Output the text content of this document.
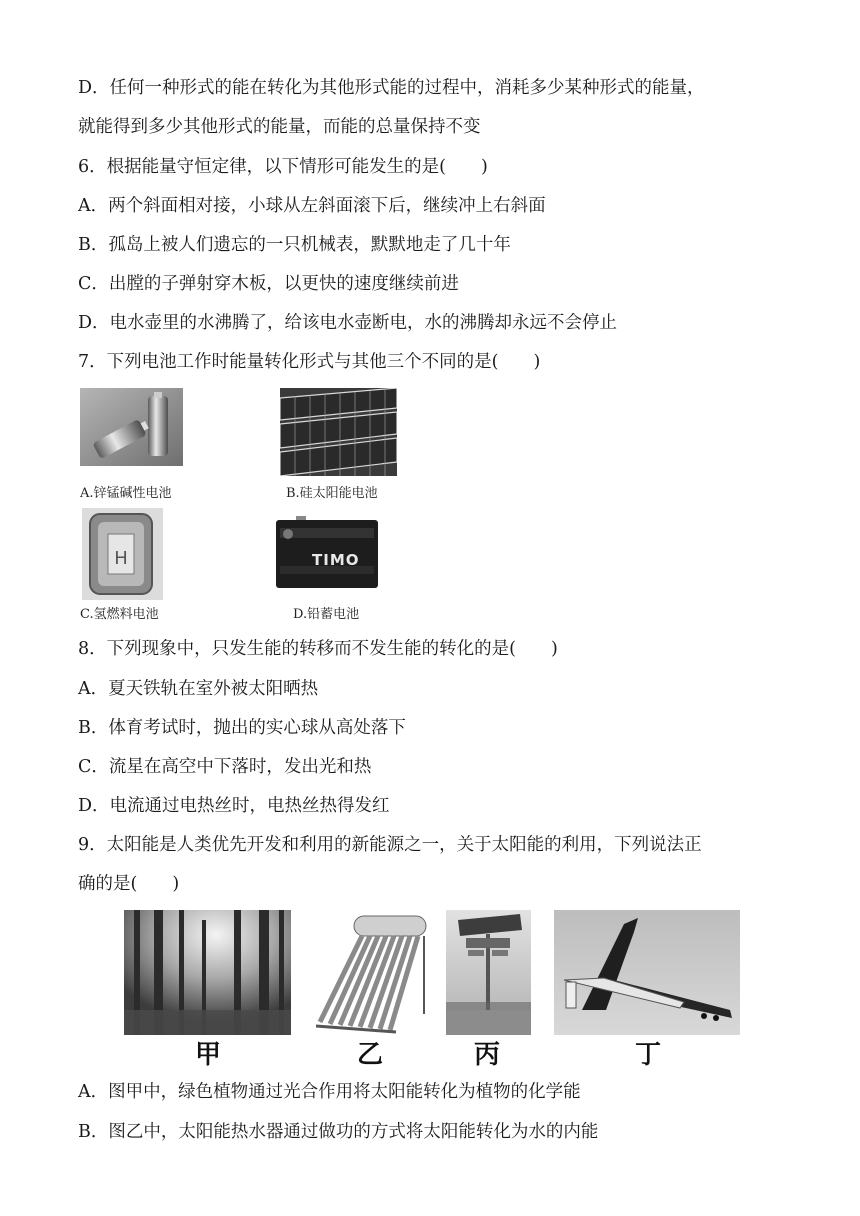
D．任何一种形式的能在转化为其他形式能的过程中，消耗多少某种形式的能量，
就能得到多少其他形式的能量，而能的总量保持不变
6．根据能量守恒定律，以下情形可能发生的是(　　)
A．两个斜面相对接，小球从左斜面滚下后，继续冲上右斜面
B．孤岛上被人们遗忘的一只机械表，默默地走了几十年
C．出膛的子弹射穿木板，以更快的速度继续前进
D．电水壶里的水沸腾了，给该电水壶断电，水的沸腾却永远不会停止
7．下列电池工作时能量转化形式与其他三个不同的是(　　)
A.锌锰碱性电池	B.硅太阳能电池
H
C.氢燃料电池
TIMO
D.铅蓄电池
8．下列现象中，只发生能的转移而不发生能的转化的是(　　)
A．夏天铁轨在室外被太阳晒热
B．体育考试时，抛出的实心球从高处落下
C．流星在高空中下落时，发出光和热
D．电流通过电热丝时，电热丝热得发红
9．太阳能是人类优先开发和利用的新能源之一，关于太阳能的利用，下列说法正
确的是(　　)
甲	乙	丙	丁
A．图甲中，绿色植物通过光合作用将太阳能转化为植物的化学能
B．图乙中，太阳能热水器通过做功的方式将太阳能转化为水的内能
